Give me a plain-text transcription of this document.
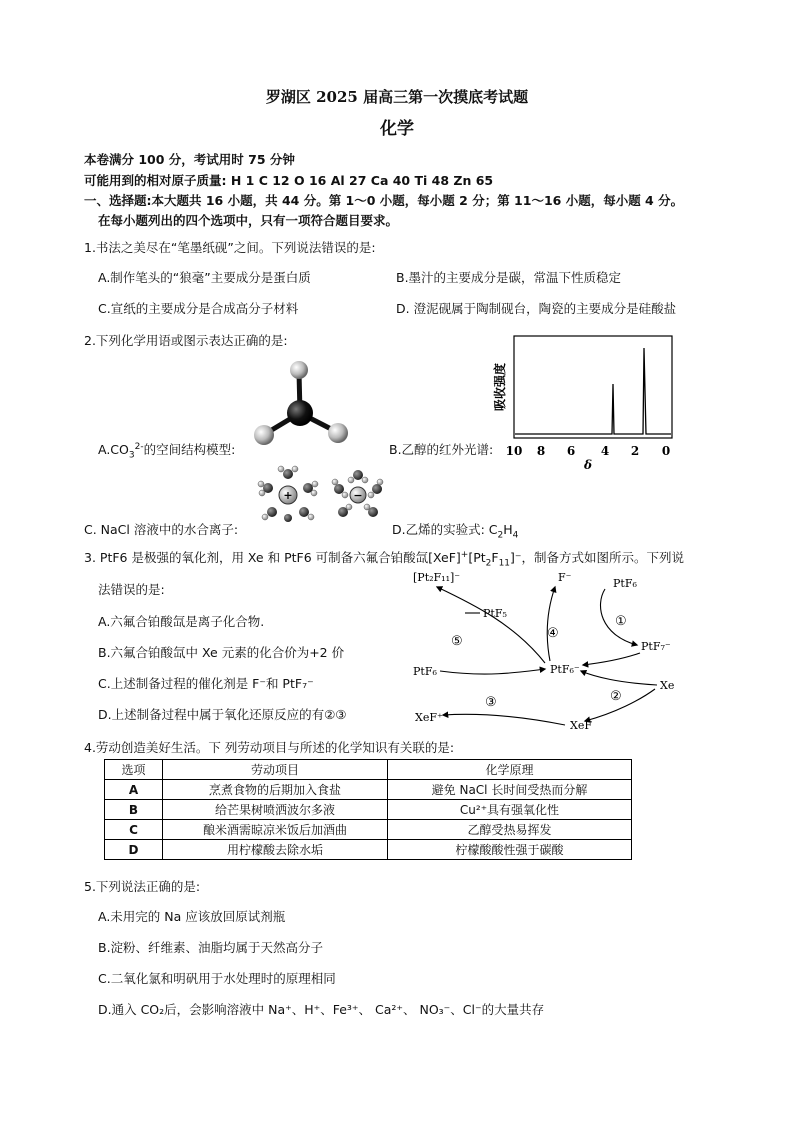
罗湖区 2025 届高三第一次摸底考试题
化学
本卷满分 100 分，考试用时 75 分钟
可能用到的相对原子质量: H 1 C 12 O 16 Al 27 Ca 40 Ti 48 Zn 65
一、选择题:本大题共 16 小题，共 44 分。第 1～0 小题，每小题 2 分；第 11～16 小题，每小题 4 分。
在每小题列出的四个选项中，只有一项符合题目要求。
1.书法之美尽在“笔墨纸砚”之间。下列说法错误的是:
A.制作笔头的“狼毫”主要成分是蛋白质	B.墨汁的主要成分是碳，常温下性质稳定
C.宣纸的主要成分是合成高分子材料	D. 澄泥砚属于陶制砚台，陶瓷的主要成分是硅酸盐
2.下列化学用语或图示表达正确的是:
$A.CO_3^{2-}$的空间结构模型:	B.乙醇的红外光谱:
吸收强度
10 8 6 4 2 0
δ
+	−
C. NaCl 溶液中的水合离子:	D.乙烯的实验式: $C_2H_4$
3. PtF6 是极强的氧化剂，用 Xe 和 PtF6 可制备六氟合铂酸氙$[XeF]^+[Pt_2F_{11}]^-$，制备方式如图所示。下列说
法错误的是:
A.六氟合铂酸氙是离子化合物.
B.六氟合铂酸氙中 Xe 元素的化合价为+2 价
C.上述制备过程的催化剂是 F⁻和 PtF₇⁻
D.上述制备过程中属于氧化还原反应的有②③
[Pt₂F₁₁]⁻
PtF₅
F⁻	PtF₆
PtF₇⁻
PtF₆	PtF₆⁻
Xe
XeF⁺
XeF
①
②
③
④
⑤
4.劳动创造美好生活。下 列劳动项目与所述的化学知识有关联的是:
选项	劳动项目	化学原理
A	烹煮食物的后期加入食盐	避免 NaCl 长时间受热而分解
B	给芒果树喷洒波尔多液	Cu²⁺具有强氧化性
C	酿米酒需晾凉米饭后加酒曲	乙醇受热易挥发
D	用柠檬酸去除水垢	柠檬酸酸性强于碳酸
5.下列说法正确的是:
A.未用完的 Na 应该放回原试剂瓶
B.淀粉、纤维素、油脂均属于天然高分子
C.二氧化氯和明矾用于水处理时的原理相同
D.通入 CO₂后，会影响溶液中 Na⁺、H⁺、Fe³⁺、 Ca²⁺、 NO₃⁻、Cl⁻的大量共存
